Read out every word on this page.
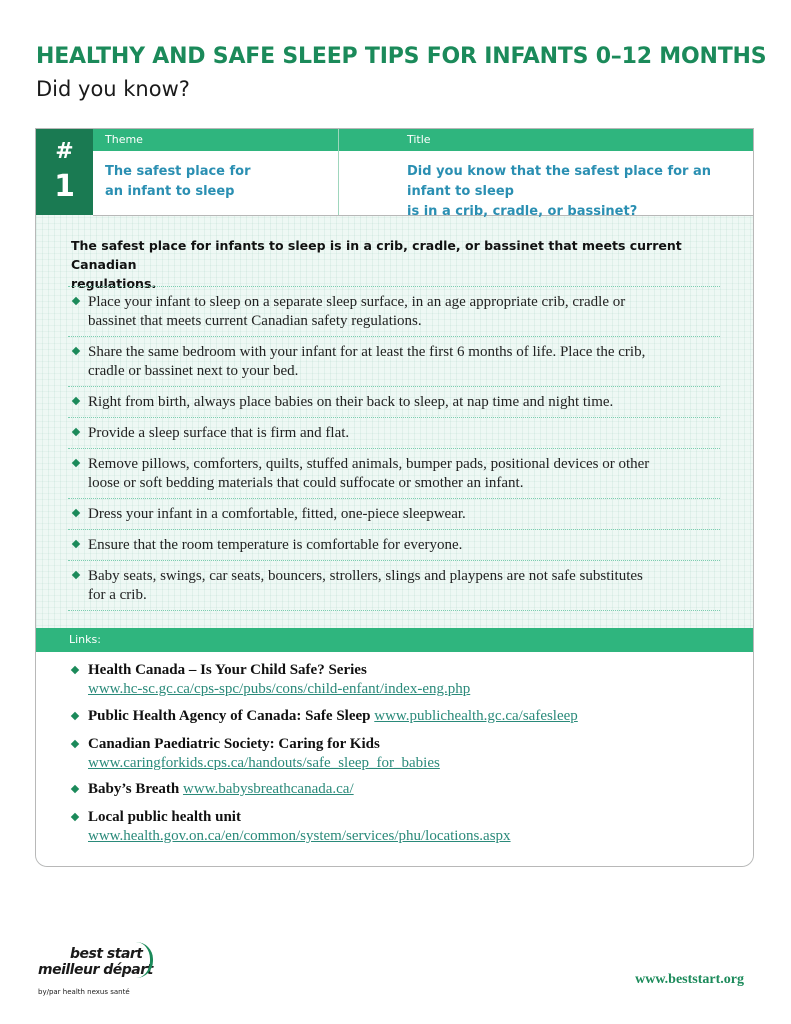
HEALTHY AND SAFE SLEEP TIPS FOR INFANTS 0–12 MONTHS
Did you know?
#
1
Theme	Title
The safest place for
an infant to sleep
Did you know that the safest place for an infant to sleep
is in a crib, cradle, or bassinet?
The safest place for infants to sleep is in a crib, cradle, or bassinet that meets current Canadian
regulations.
Place your infant to sleep on a separate sleep surface, in an age appropriate crib, cradle or
bassinet that meets current Canadian safety regulations.
Share the same bedroom with your infant for at least the first 6 months of life. Place the crib,
cradle or bassinet next to your bed.
Right from birth, always place babies on their back to sleep, at nap time and night time.
Provide a sleep surface that is firm and flat.
Remove pillows, comforters, quilts, stuffed animals, bumper pads, positional devices or other
loose or soft bedding materials that could suffocate or smother an infant.
Dress your infant in a comfortable, fitted, one-piece sleepwear.
Ensure that the room temperature is comfortable for everyone.
Baby seats, swings, car seats, bouncers, strollers, slings and playpens are not safe substitutes
for a crib.
Links:
Health Canada – Is Your Child Safe? Series
www.hc-sc.gc.ca/cps-spc/pubs/cons/child-enfant/index-eng.php
Public Health Agency of Canada: Safe Sleep www.publichealth.gc.ca/safesleep
Canadian Paediatric Society: Caring for Kids
www.caringforkids.cps.ca/handouts/safe_sleep_for_babies
Baby’s Breath www.babysbreathcanada.ca/
Local public health unit
www.health.gov.on.ca/en/common/system/services/phu/locations.aspx
best start
meilleur départ
by/par health nexus santé
www.beststart.org
